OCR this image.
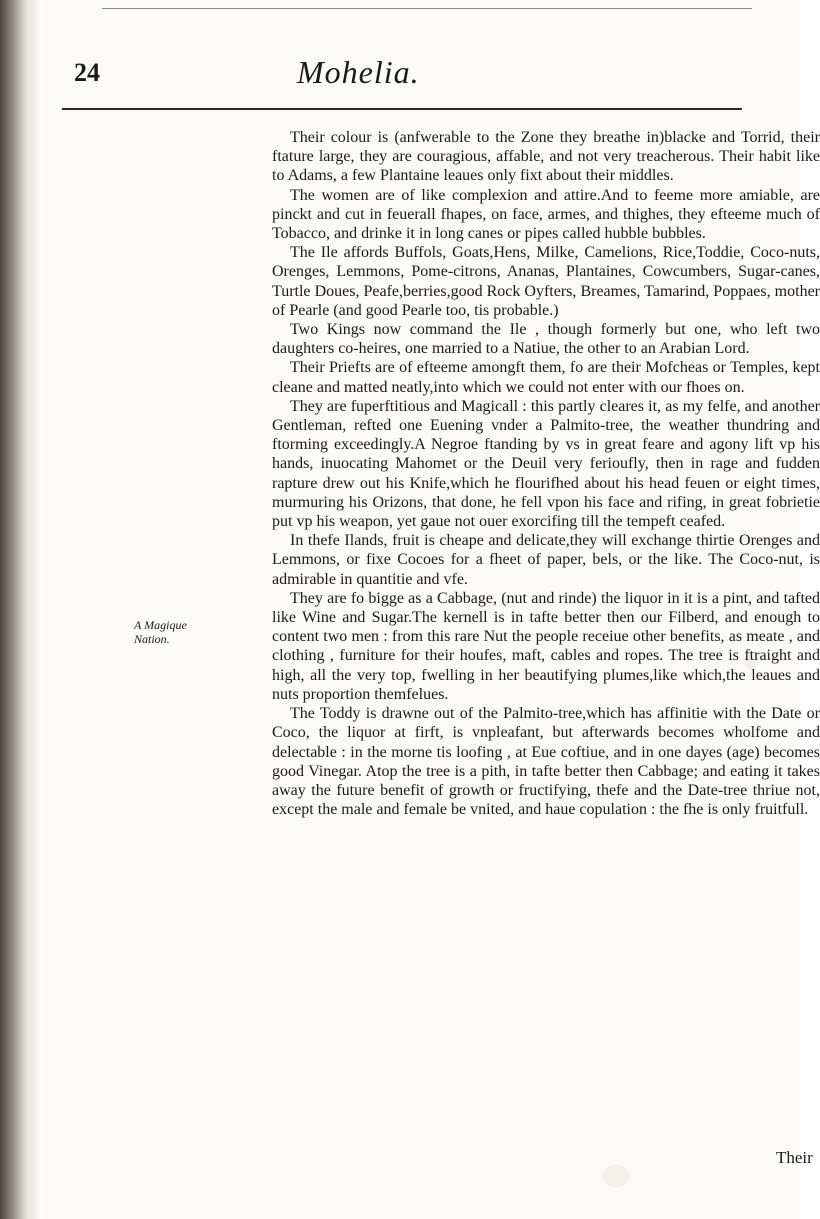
24	Mohelia.
A Magique
Nation.

Their colour is (anfwerable to the Zone they breathe in)blacke and Torrid, their ftature large, they are couragious, affable, and not very treacherous. Their habit like to Adams, a few Plantaine leaues only fixt about their middles.

The women are of like complexion and attire.And to feeme more amiable, are pinckt and cut in feuerall fhapes, on face, armes, and thighes, they efteeme much of Tobacco, and drinke it in long canes or pipes called hubble bubbles.

The Ile affords Buffols, Goats,Hens, Milke, Camelions, Rice,Toddie, Coco-nuts, Orenges, Lemmons, Pome-citrons, Ananas, Plantaines, Cowcumbers, Sugar-canes, Turtle Doues, Peafe,berries,good Rock Oyfters, Breames, Tamarind, Poppaes, mother of Pearle (and good Pearle too, tis probable.)

Two Kings now command the Ile , though formerly but one, who left two daughters co-heires, one married to a Natiue, the other to an Arabian Lord.

Their Priefts are of efteeme amongft them, fo are their Mofcheas or Temples, kept cleane and matted neatly,into which we could not enter with our fhoes on.

They are fuperftitious and Magicall : this partly cleares it, as my felfe, and another Gentleman, refted one Euening vnder a Palmito-tree, the weather thundring and ftorming exceedingly.A Negroe ftanding by vs in great feare and agony lift vp his hands, inuocating Mahomet or the Deuil very ferioufly, then in rage and fudden rapture drew out his Knife,which he flourifhed about his head feuen or eight times, murmuring his Orizons, that done, he fell vpon his face and rifing, in great fobrietie put vp his weapon, yet gaue not ouer exorcifing till the tempeft ceafed.

In thefe Ilands, fruit is cheape and delicate,they will exchange thirtie Orenges and Lemmons, or fixe Cocoes for a fheet of paper, bels, or the like. The Coco-nut, is admirable in quantitie and vfe.

They are fo bigge as a Cabbage, (nut and rinde) the liquor in it is a pint, and tafted like Wine and Sugar.The kernell is in tafte better then our Filberd, and enough to content two men : from this rare Nut the people receiue other benefits, as meate , and clothing , furniture for their houfes, maft, cables and ropes. The tree is ftraight and high, all the very top, fwelling in her beautifying plumes,like which,the leaues and nuts proportion themfelues.

The Toddy is drawne out of the Palmito-tree,which has affinitie with the Date or Coco, the liquor at firft, is vnpleafant, but afterwards becomes wholfome and delectable : in the morne tis loofing , at Eue coftiue, and in one dayes (age) becomes good Vinegar. Atop the tree is a pith, in tafte better then Cabbage; and eating it takes away the future benefit of growth or fructifying, thefe and the Date-tree thriue not, except the male and female be vnited, and haue copulation : the fhe is only fruitfull.

Their
